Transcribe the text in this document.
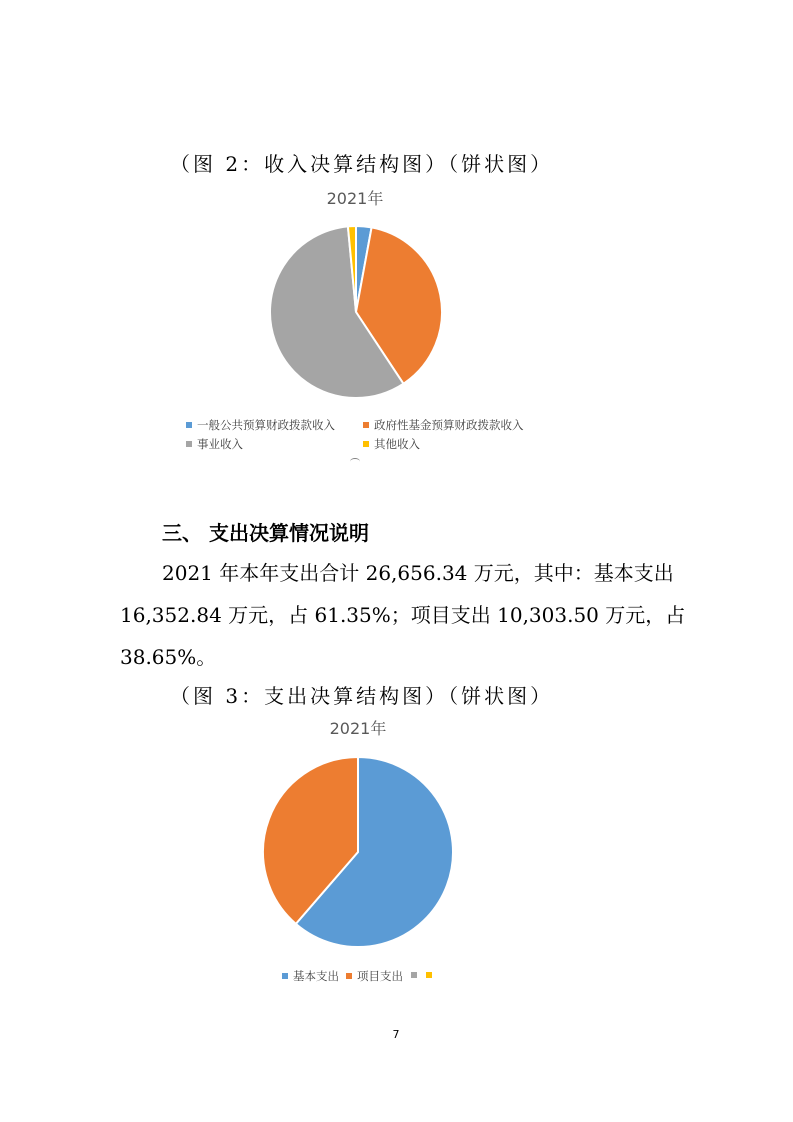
（图 2：收入决算结构图）（饼状图）
2021年
一般公共预算财政拨款收入	政府性基金预算财政拨款收入
事业收入	其他收入
三、 支出决算情况说明
2021 年本年支出合计 26,656.34 万元，其中：基本支出
16,352.84 万元，占 61.35%；项目支出 10,303.50 万元，占
38.65%。
（图 3：支出决算结构图）（饼状图）
2021年
基本支出	项目支出
7
